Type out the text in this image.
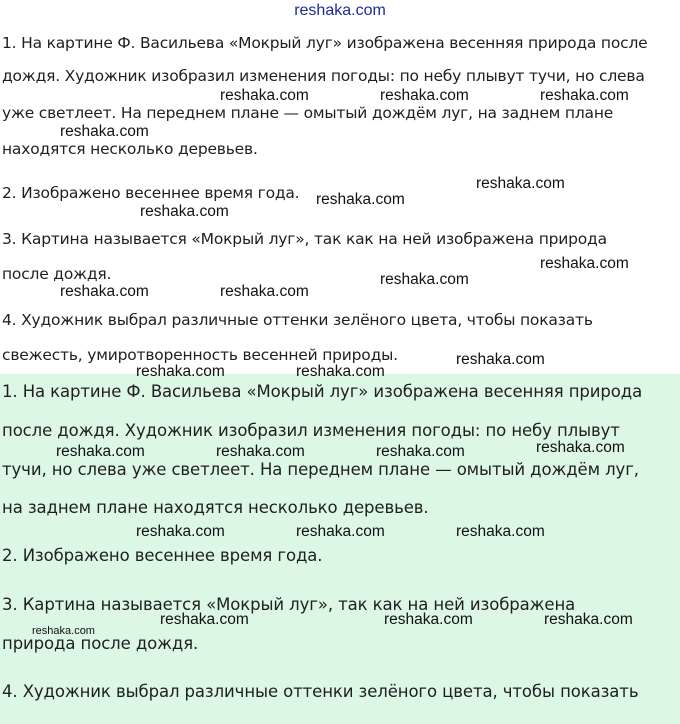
reshaka.com
1. На картине Ф. Васильева «Мокрый луг» изображена весенняя природа после
дождя. Художник изобразил изменения погоды: по небу плывут тучи, но слева
уже светлеет. На переднем плане — омытый дождём луг, на заднем плане
находятся несколько деревьев.
2. Изображено весеннее время года.
3. Картина называется «Мокрый луг», так как на ней изображена природа
после дождя.
4. Художник выбрал различные оттенки зелёного цвета, чтобы показать
свежесть, умиротворенность весенней природы.
1. На картине Ф. Васильева «Мокрый луг» изображена весенняя природа
после дождя. Художник изобразил изменения погоды: по небу плывут
тучи, но слева уже светлеет. На переднем плане — омытый дождём луг,
на заднем плане находятся несколько деревьев.
2. Изображено весеннее время года.
3. Картина называется «Мокрый луг», так как на ней изображена
природа после дождя.
4. Художник выбрал различные оттенки зелёного цвета, чтобы показать
reshaka.com	reshaka.com	reshaka.com
reshaka.com
reshaka.com
reshaka.com
reshaka.com
reshaka.com
reshaka.com
reshaka.com	reshaka.com
reshaka.com
reshaka.com	reshaka.com
reshaka.com
reshaka.com	reshaka.com	reshaka.com
reshaka.com	reshaka.com	reshaka.com
reshaka.com	reshaka.com	reshaka.com
reshaka.com
